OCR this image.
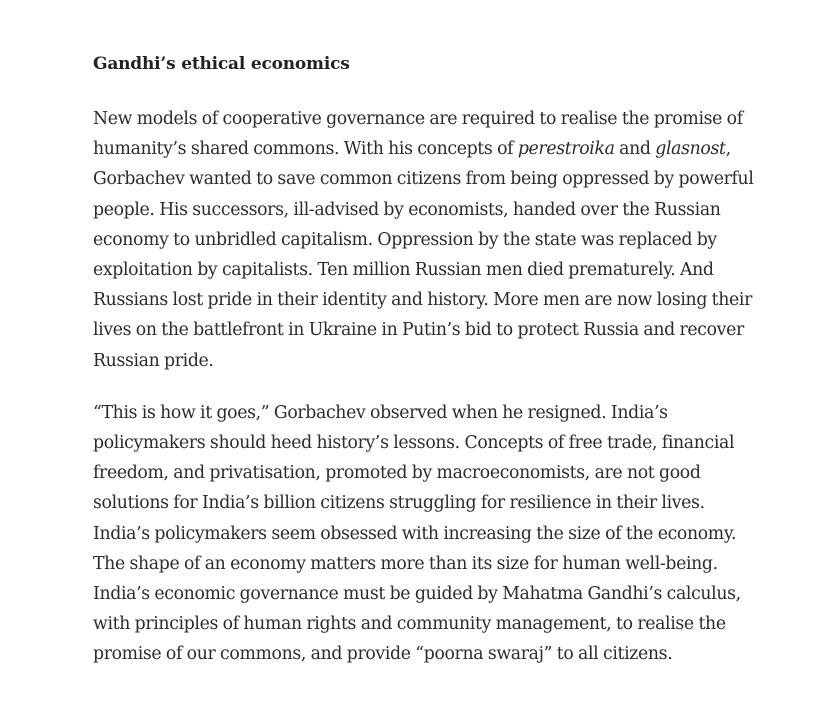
Gandhi’s ethical economics

New models of cooperative governance are required to realise the promise of
humanity’s shared commons. With his concepts of perestroika and glasnost,
Gorbachev wanted to save common citizens from being oppressed by powerful
people. His successors, ill-advised by economists, handed over the Russian
economy to unbridled capitalism. Oppression by the state was replaced by
exploitation by capitalists. Ten million Russian men died prematurely. And
Russians lost pride in their identity and history. More men are now losing their
lives on the battlefront in Ukraine in Putin’s bid to protect Russia and recover
Russian pride.

“This is how it goes,” Gorbachev observed when he resigned. India’s
policymakers should heed history’s lessons. Concepts of free trade, financial
freedom, and privatisation, promoted by macroeconomists, are not good
solutions for India’s billion citizens struggling for resilience in their lives.
India’s policymakers seem obsessed with increasing the size of the economy.
The shape of an economy matters more than its size for human well-being.
India’s economic governance must be guided by Mahatma Gandhi’s calculus,
with principles of human rights and community management, to realise the
promise of our commons, and provide “poorna swaraj” to all citizens.
